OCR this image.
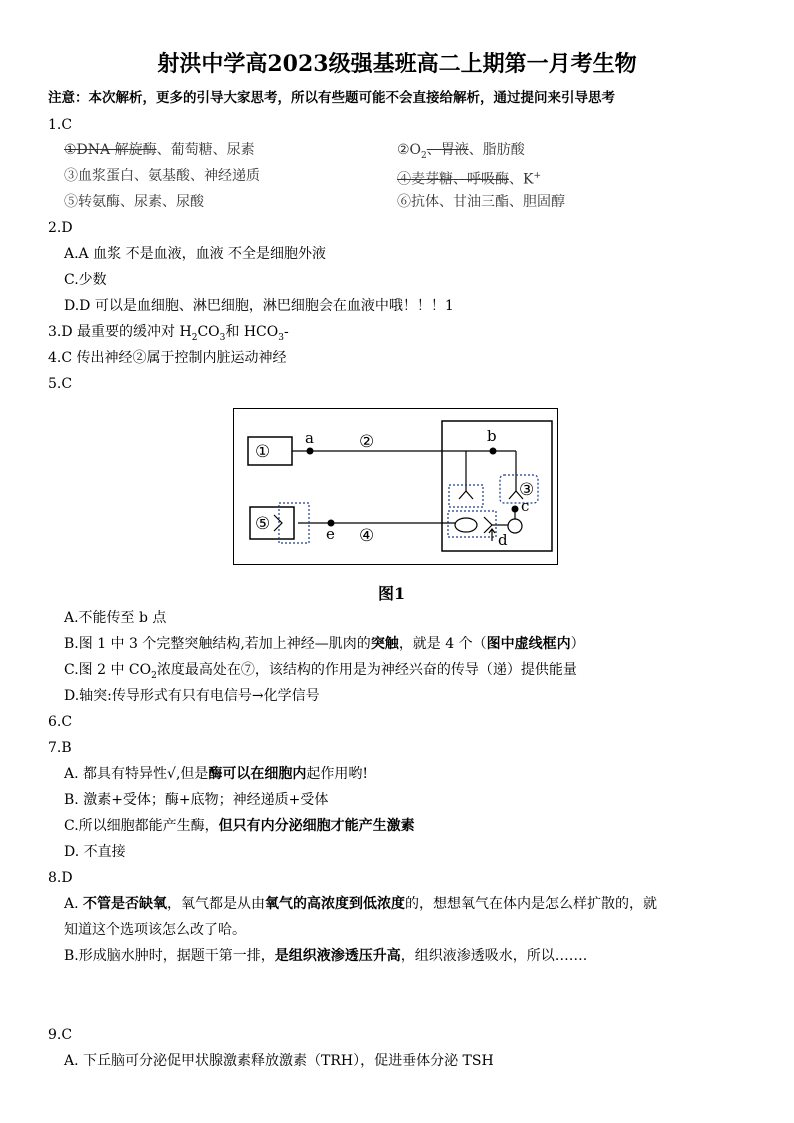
射洪中学高2023级强基班高二上期第一月考生物
注意：本次解析，更多的引导大家思考，所以有些题可能不会直接给解析，通过提问来引导思考
1.C
①DNA 解旋酶、葡萄糖、尿素	$②O_2$、胃液、脂肪酸
③血浆蛋白、氨基酸、神经递质	④麦芽糖、呼吸酶、K+
⑤转氨酶、尿素、尿酸	⑥抗体、甘油三酯、胆固醇
2.D
A.A 血浆 不是血液，血液 不全是细胞外液
C.少数
D.D 可以是血细胞、淋巴细胞，淋巴细胞会在血液中哦！！！1
3.D 最重要的缓冲对 $H_2CO_3$和 $HCO_3-$
4.C 传出神经②属于控制内脏运动神经
5.C
①	②
③
④
⑤
a	b
c
d
e
图1
A.不能传至 b 点
B.图 1 中 3 个完整突触结构,若加上神经—肌肉的突触，就是 4 个（图中虚线框内）
C.图 2 中 $CO_2$浓度最高处在⑦，该结构的作用是为神经兴奋的传导（递）提供能量
D.轴突:传导形式有只有电信号→化学信号
6.C
7.B
A. 都具有特异性√,但是酶可以在细胞内起作用哟!
B. 激素+受体；酶+底物；神经递质+受体
C.所以细胞都能产生酶，但只有内分泌细胞才能产生激素
D. 不直接
8.D
A. 不管是否缺氧，氧气都是从由氧气的高浓度到低浓度的，想想氧气在体内是怎么样扩散的，就
知道这个选项该怎么改了哈。
B.形成脑水肿时，据题干第一排，是组织液渗透压升高，组织液渗透吸水，所以…….
9.C
A. 下丘脑可分泌促甲状腺激素释放激素（TRH），促进垂体分泌 TSH
